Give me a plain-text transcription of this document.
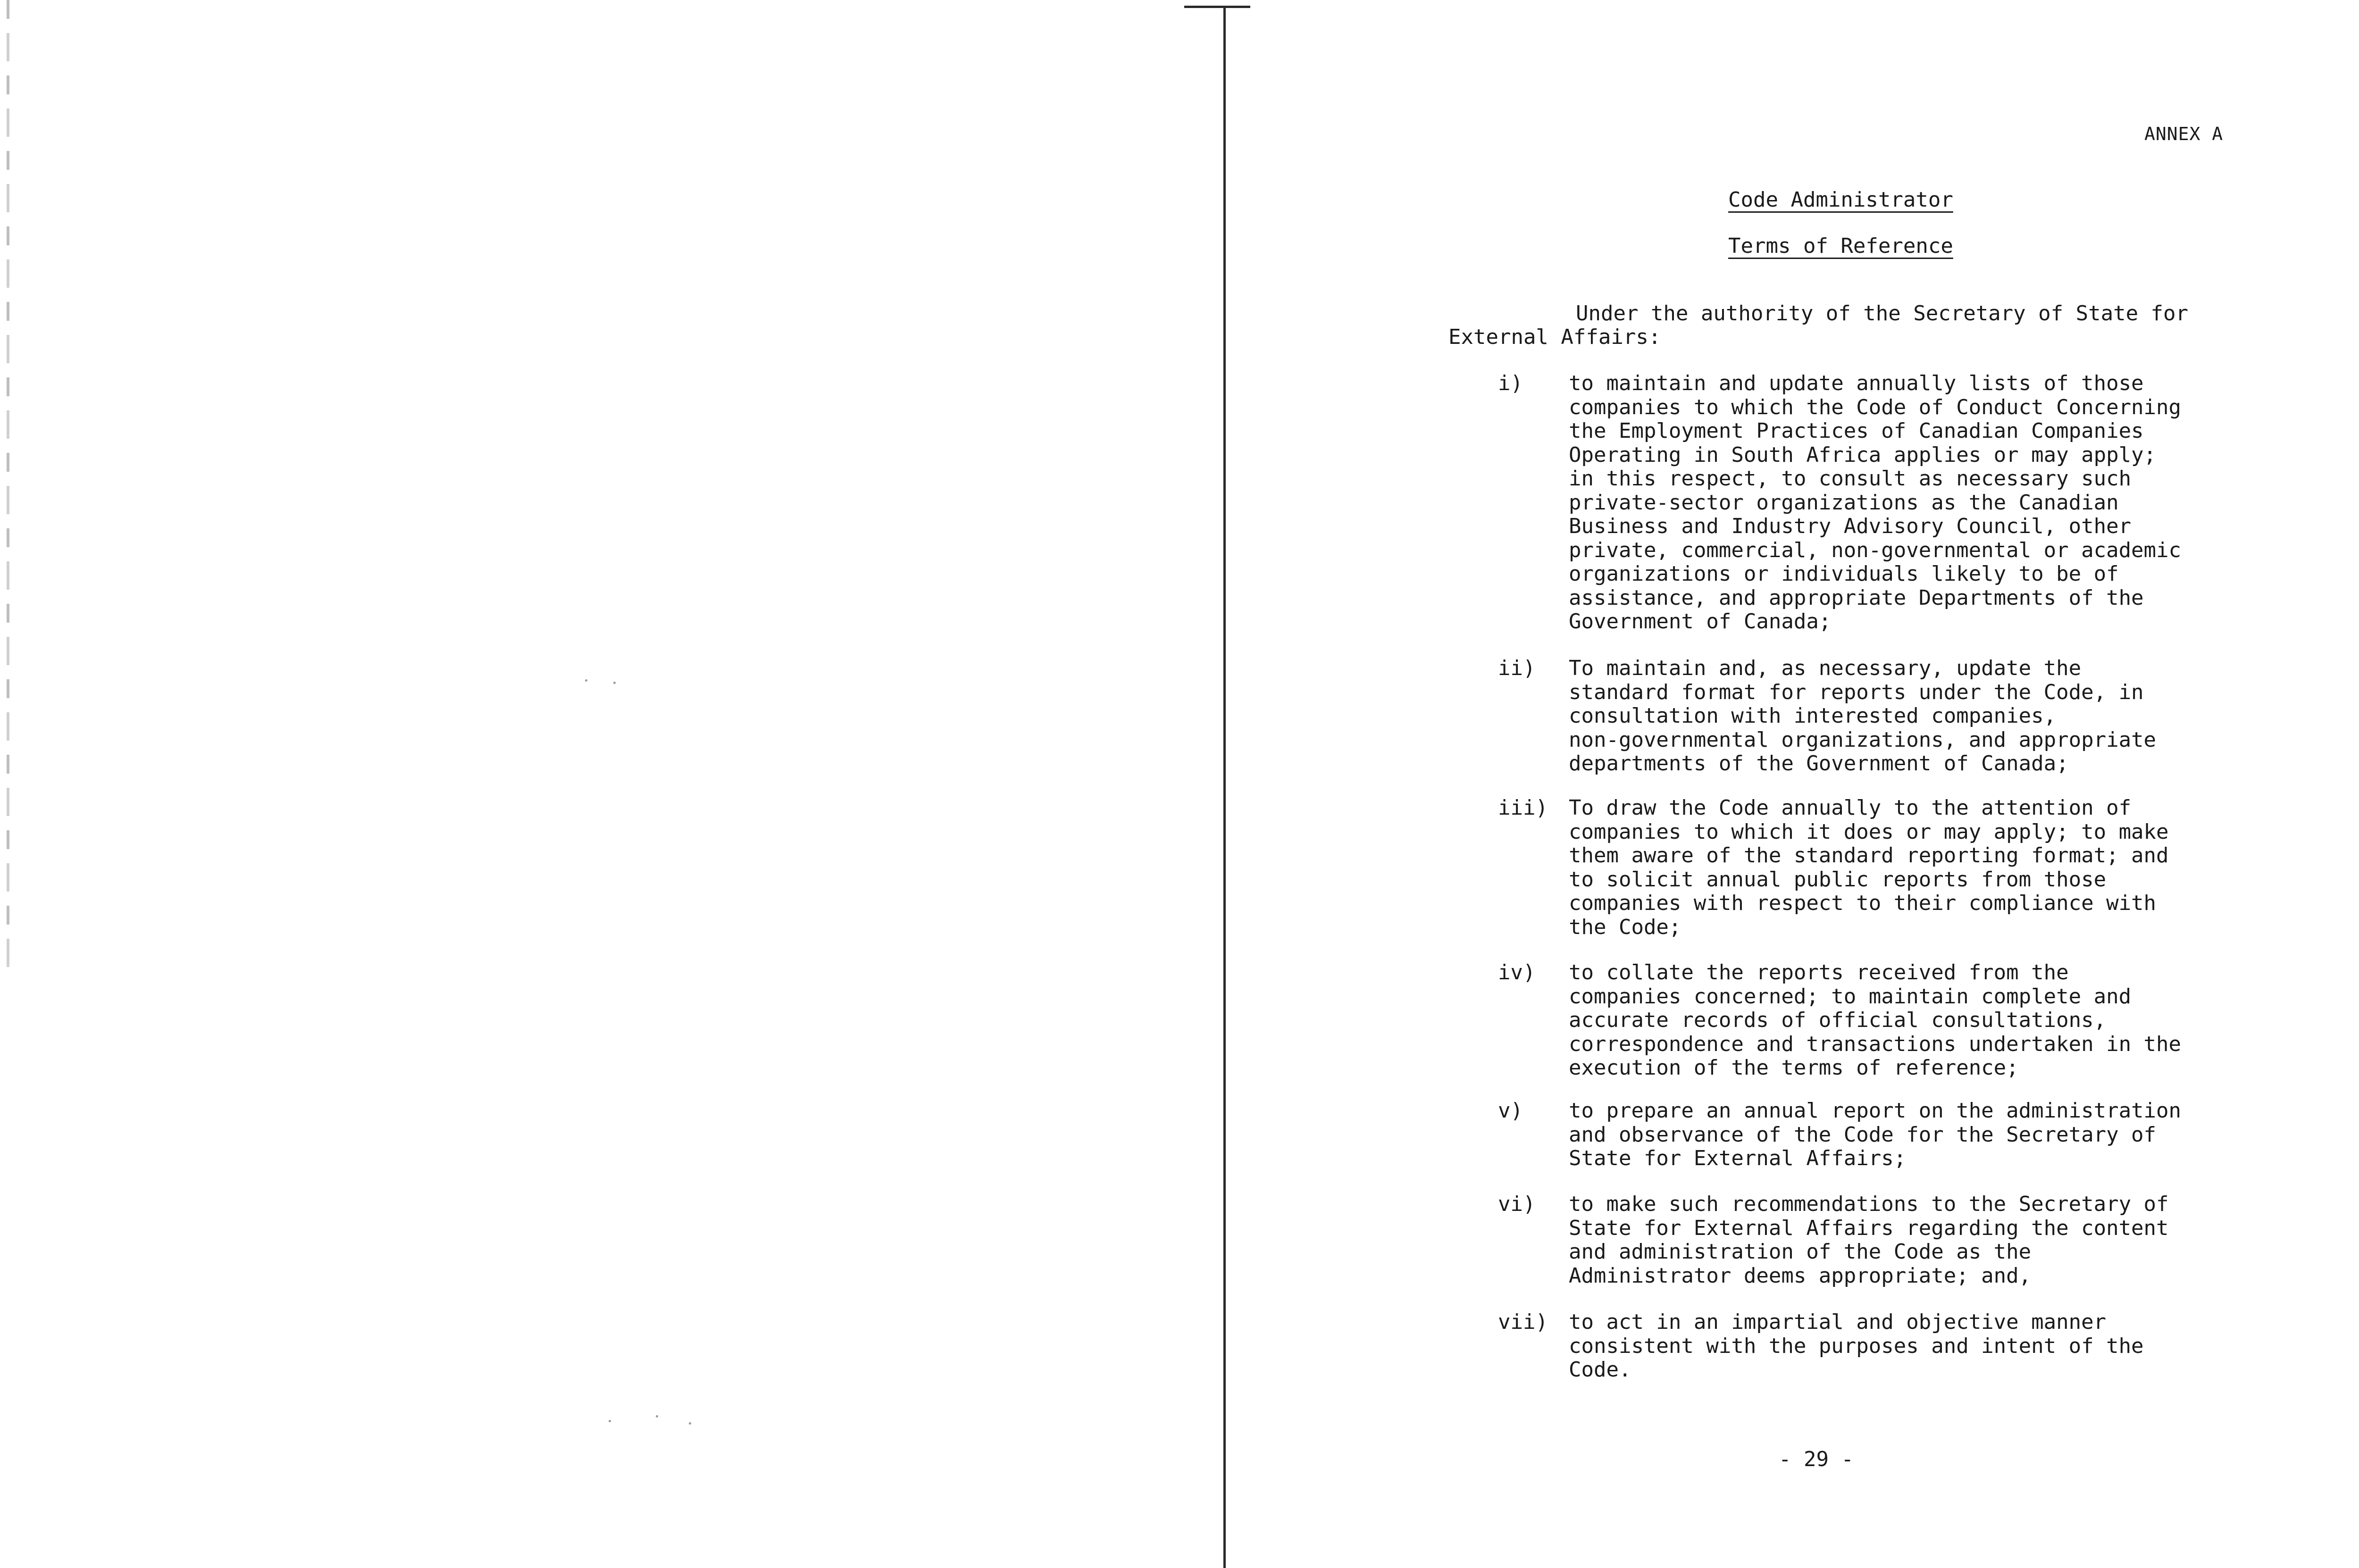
ANNEX A
Code Administrator
Terms of Reference
Under the authority of the Secretary of State for
External Affairs:
i)	to maintain and update annually lists of those
companies to which the Code of Conduct Concerning
the Employment Practices of Canadian Companies
Operating in South Africa applies or may apply;
in this respect, to consult as necessary such
private-sector organizations as the Canadian
Business and Industry Advisory Council, other
private, commercial, non-governmental or academic
organizations or individuals likely to be of
assistance, and appropriate Departments of the
Government of Canada;
ii)	To maintain and, as necessary, update the
standard format for reports under the Code, in
consultation with interested companies,
non-governmental organizations, and appropriate
departments of the Government of Canada;
iii)	To draw the Code annually to the attention of
companies to which it does or may apply; to make
them aware of the standard reporting format; and
to solicit annual public reports from those
companies with respect to their compliance with
the Code;
iv)	to collate the reports received from the
companies concerned; to maintain complete and
accurate records of official consultations,
correspondence and transactions undertaken in the
execution of the terms of reference;
v)	to prepare an annual report on the administration
and observance of the Code for the Secretary of
State for External Affairs;
vi)	to make such recommendations to the Secretary of
State for External Affairs regarding the content
and administration of the Code as the
Administrator deems appropriate; and,
vii)	to act in an impartial and objective manner
consistent with the purposes and intent of the
Code.
- 29 -
